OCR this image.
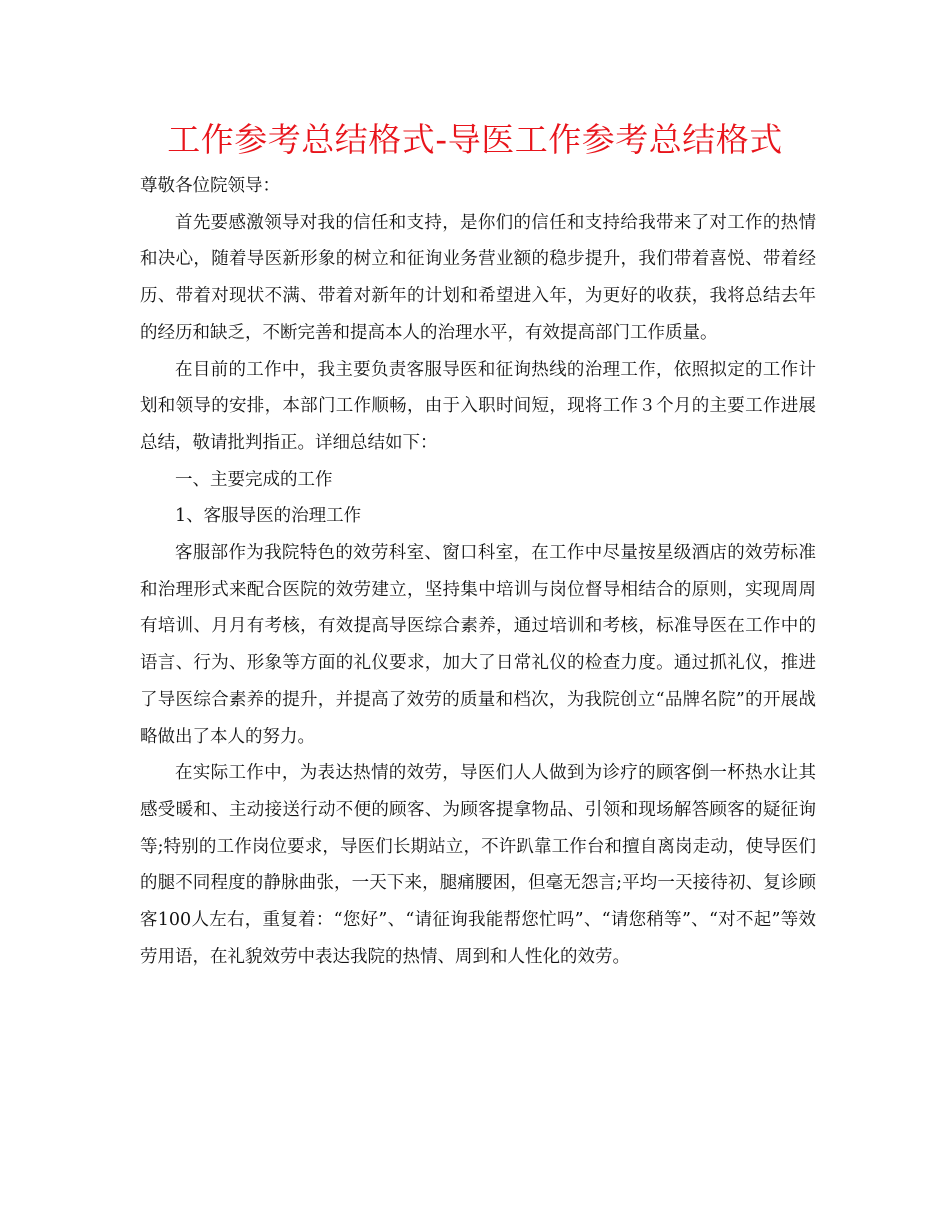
工作参考总结格式-导医工作参考总结格式

尊敬各位院领导：

首先要感激领导对我的信任和支持，是你们的信任和支持给我带来了对工作的热情和决心，随着导医新形象的树立和征询业务营业额的稳步提升，我们带着喜悦、带着经历、带着对现状不满、带着对新年的计划和希望进入年，为更好的收获，我将总结去年的经历和缺乏，不断完善和提高本人的治理水平，有效提高部门工作质量。

在目前的工作中，我主要负责客服导医和征询热线的治理工作，依照拟定的工作计划和领导的安排，本部门工作顺畅，由于入职时间短，现将工作３个月的主要工作进展总结，敬请批判指正。详细总结如下：

一、主要完成的工作

1、客服导医的治理工作

客服部作为我院特色的效劳科室、窗口科室，在工作中尽量按星级酒店的效劳标准和治理形式来配合医院的效劳建立，坚持集中培训与岗位督导相结合的原则，实现周周有培训、月月有考核，有效提高导医综合素养，通过培训和考核，标准导医在工作中的语言、行为、形象等方面的礼仪要求，加大了日常礼仪的检查力度。通过抓礼仪，推进了导医综合素养的提升，并提高了效劳的质量和档次，为我院创立“品牌名院”的开展战略做出了本人的努力。

在实际工作中，为表达热情的效劳，导医们人人做到为诊疗的顾客倒一杯热水让其感受暖和、主动接送行动不便的顾客、为顾客提拿物品、引领和现场解答顾客的疑征询等;特别的工作岗位要求，导医们长期站立，不许趴靠工作台和擅自离岗走动，使导医们的腿不同程度的静脉曲张，一天下来，腿痛腰困，但毫无怨言;平均一天接待初、复诊顾客100人左右，重复着：“您好”、“请征询我能帮您忙吗”、“请您稍等”、“对不起”等效劳用语，在礼貌效劳中表达我院的热情、周到和人性化的效劳。
